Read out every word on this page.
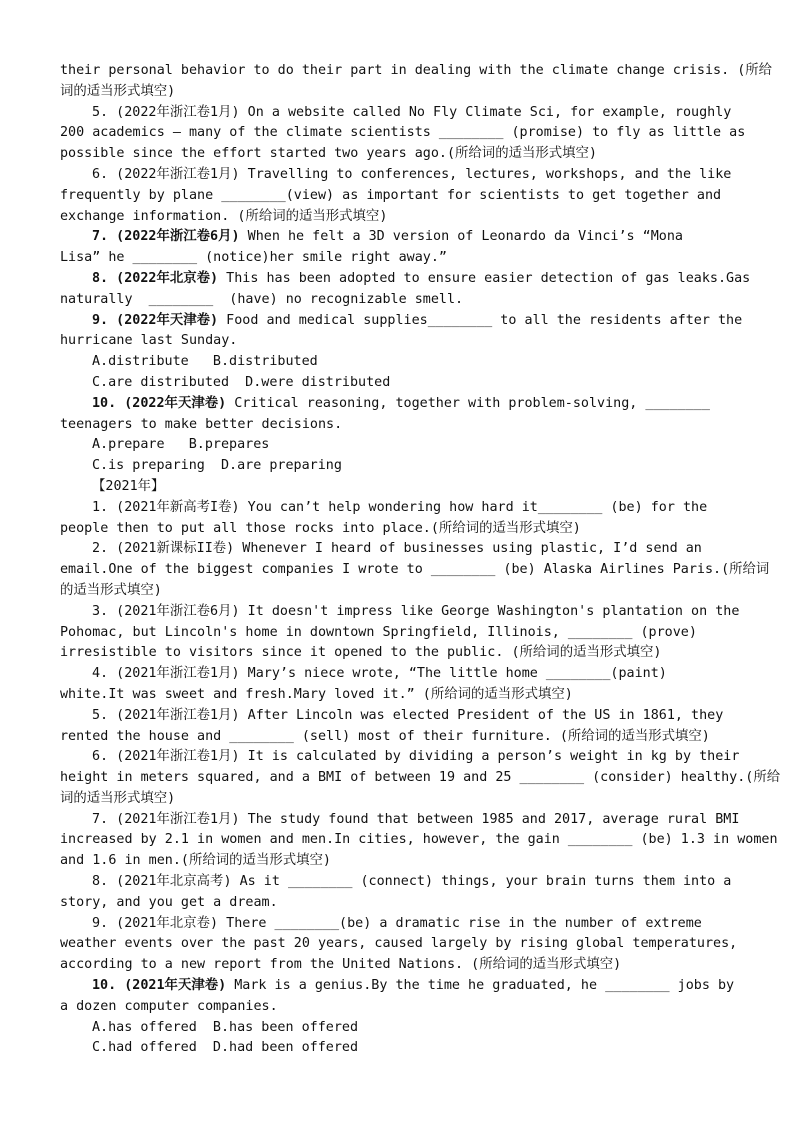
their personal behavior to do their part in dealing with the climate change crisis. (所给
词的适当形式填空)
5. (2022年浙江卷1月) On a website called No Fly Climate Sci, for example, roughly
200 academics — many of the climate scientists ________ (promise) to fly as little as
possible since the effort started two years ago.(所给词的适当形式填空)
6. (2022年浙江卷1月) Travelling to conferences, lectures, workshops, and the like
frequently by plane ________(view) as important for scientists to get together and
exchange information. (所给词的适当形式填空)
7. (2022年浙江卷6月) When he felt a 3D version of Leonardo da Vinci’s “Mona
Lisa” he ________ (notice)her smile right away.”
8. (2022年北京卷) This has been adopted to ensure easier detection of gas leaks.Gas
naturally  ________  (have) no recognizable smell.
9. (2022年天津卷) Food and medical supplies________ to all the residents after the
hurricane last Sunday.
A.distribute   B.distributed
C.are distributed  D.were distributed
10. (2022年天津卷) Critical reasoning, together with problem-solving, ________
teenagers to make better decisions.
A.prepare   B.prepares
C.is preparing  D.are preparing
【2021年】
1. (2021年新高考I卷) You can’t help wondering how hard it________ (be) for the
people then to put all those rocks into place.(所给词的适当形式填空)
2. (2021新课标II卷) Whenever I heard of businesses using plastic, I’d send an
email.One of the biggest companies I wrote to ________ (be) Alaska Airlines Paris.(所给词
的适当形式填空)
3. (2021年浙江卷6月) It doesn't impress like George Washington's plantation on the
Pohomac, but Lincoln's home in downtown Springfield, Illinois, ________ (prove)
irresistible to visitors since it opened to the public. (所给词的适当形式填空)
4. (2021年浙江卷1月) Mary’s niece wrote, “The little home ________(paint)
white.It was sweet and fresh.Mary loved it.” (所给词的适当形式填空)
5. (2021年浙江卷1月) After Lincoln was elected President of the US in 1861, they
rented the house and ________ (sell) most of their furniture. (所给词的适当形式填空)
6. (2021年浙江卷1月) It is calculated by dividing a person’s weight in kg by their
height in meters squared, and a BMI of between 19 and 25 ________ (consider) healthy.(所给
词的适当形式填空)
7. (2021年浙江卷1月) The study found that between 1985 and 2017, average rural BMI
increased by 2.1 in women and men.In cities, however, the gain ________ (be) 1.3 in women
and 1.6 in men.(所给词的适当形式填空)
8. (2021年北京高考) As it ________ (connect) things, your brain turns them into a
story, and you get a dream.
9. (2021年北京卷) There ________(be) a dramatic rise in the number of extreme
weather events over the past 20 years, caused largely by rising global temperatures,
according to a new report from the United Nations. (所给词的适当形式填空)
10. (2021年天津卷) Mark is a genius.By the time he graduated, he ________ jobs by
a dozen computer companies.
A.has offered  B.has been offered
C.had offered  D.had been offered
